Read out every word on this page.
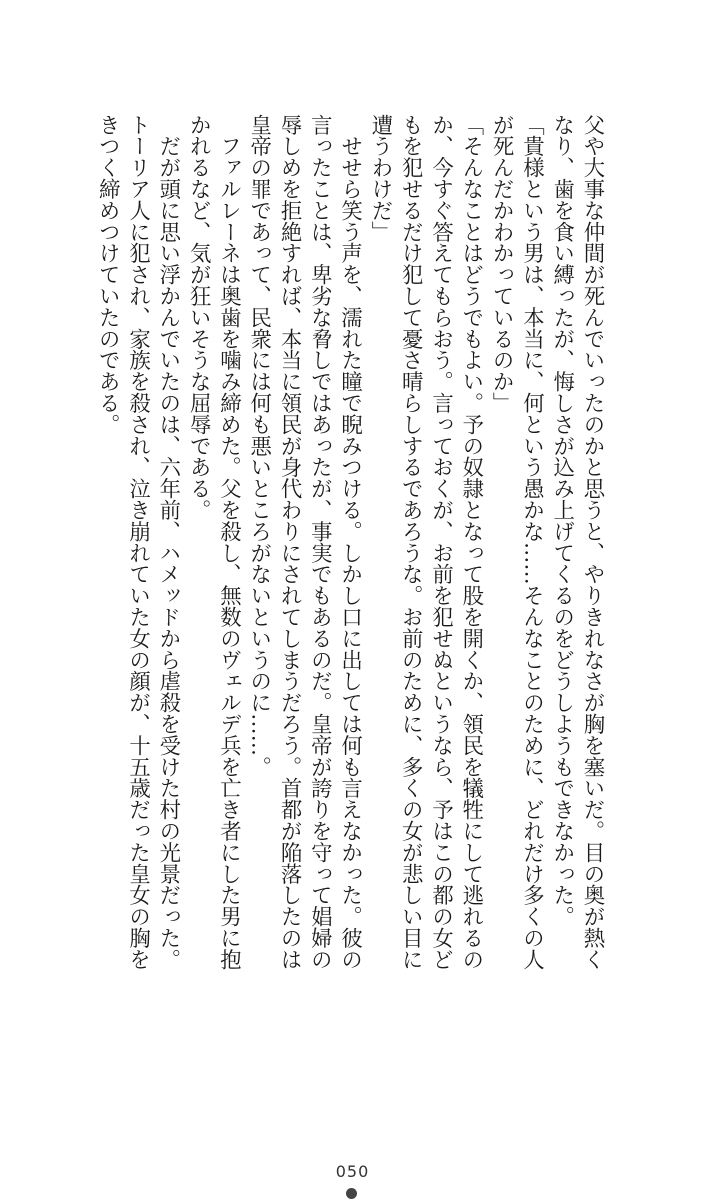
父や大事な仲間が死んでいったのかと思うと、やりきれなさが胸を塞いだ。目の奥が熱く
なり、歯を食い縛ったが、悔しさが込み上げてくるのをどうしようもできなかった。
「貴様という男は、本当に、何という愚かな……そんなことのために、どれだけ多くの人
が死んだかわかっているのか」
「そんなことはどうでもよい。予の奴隷となって股を開くか、領民を犠牲にして逃れるの
か、今すぐ答えてもらおう。言っておくが、お前を犯せぬというなら、予はこの都の女ど
もを犯せるだけ犯して憂さ晴らしするであろうな。お前のために、多くの女が悲しい目に
遭うわけだ」
　せせら笑う声を、濡れた瞳で睨みつける。しかし口に出しては何も言えなかった。彼の
言ったことは、卑劣な脅しではあったが、事実でもあるのだ。皇帝が誇りを守って娼婦の
辱しめを拒絶すれば、本当に領民が身代わりにされてしまうだろう。首都が陥落したのは
皇帝の罪であって、民衆には何も悪いところがないというのに……。
　ファルレーネは奥歯を噛み締めた。父を殺し、無数のヴェルデ兵を亡き者にした男に抱
かれるなど、気が狂いそうな屈辱である。
　だが頭に思い浮かんでいたのは、六年前、ハメッドから虐殺を受けた村の光景だった。
トーリア人に犯され、家族を殺され、泣き崩れていた女の顔が、十五歳だった皇女の胸を
きつく締めつけていたのである。
050
